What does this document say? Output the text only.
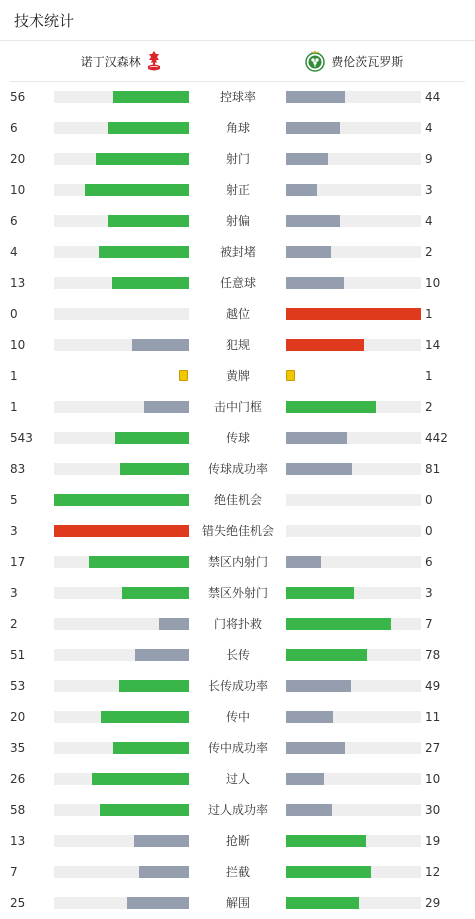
技术统计
诺丁汉森林	费伦茨瓦罗斯
56	控球率	44
6	角球	4
20	射门	9
10	射正	3
6	射偏	4
4	被封堵	2
13	任意球	10
0	越位	1
10	犯规	14
1	黄牌	1
1	击中门框	2
543	传球	442
83	传球成功率	81
5	绝佳机会	0
3	错失绝佳机会	0
17	禁区内射门	6
3	禁区外射门	3
2	门将扑救	7
51	长传	78
53	长传成功率	49
20	传中	11
35	传中成功率	27
26	过人	10
58	过人成功率	30
13	抢断	19
7	拦截	12
25	解围	29
